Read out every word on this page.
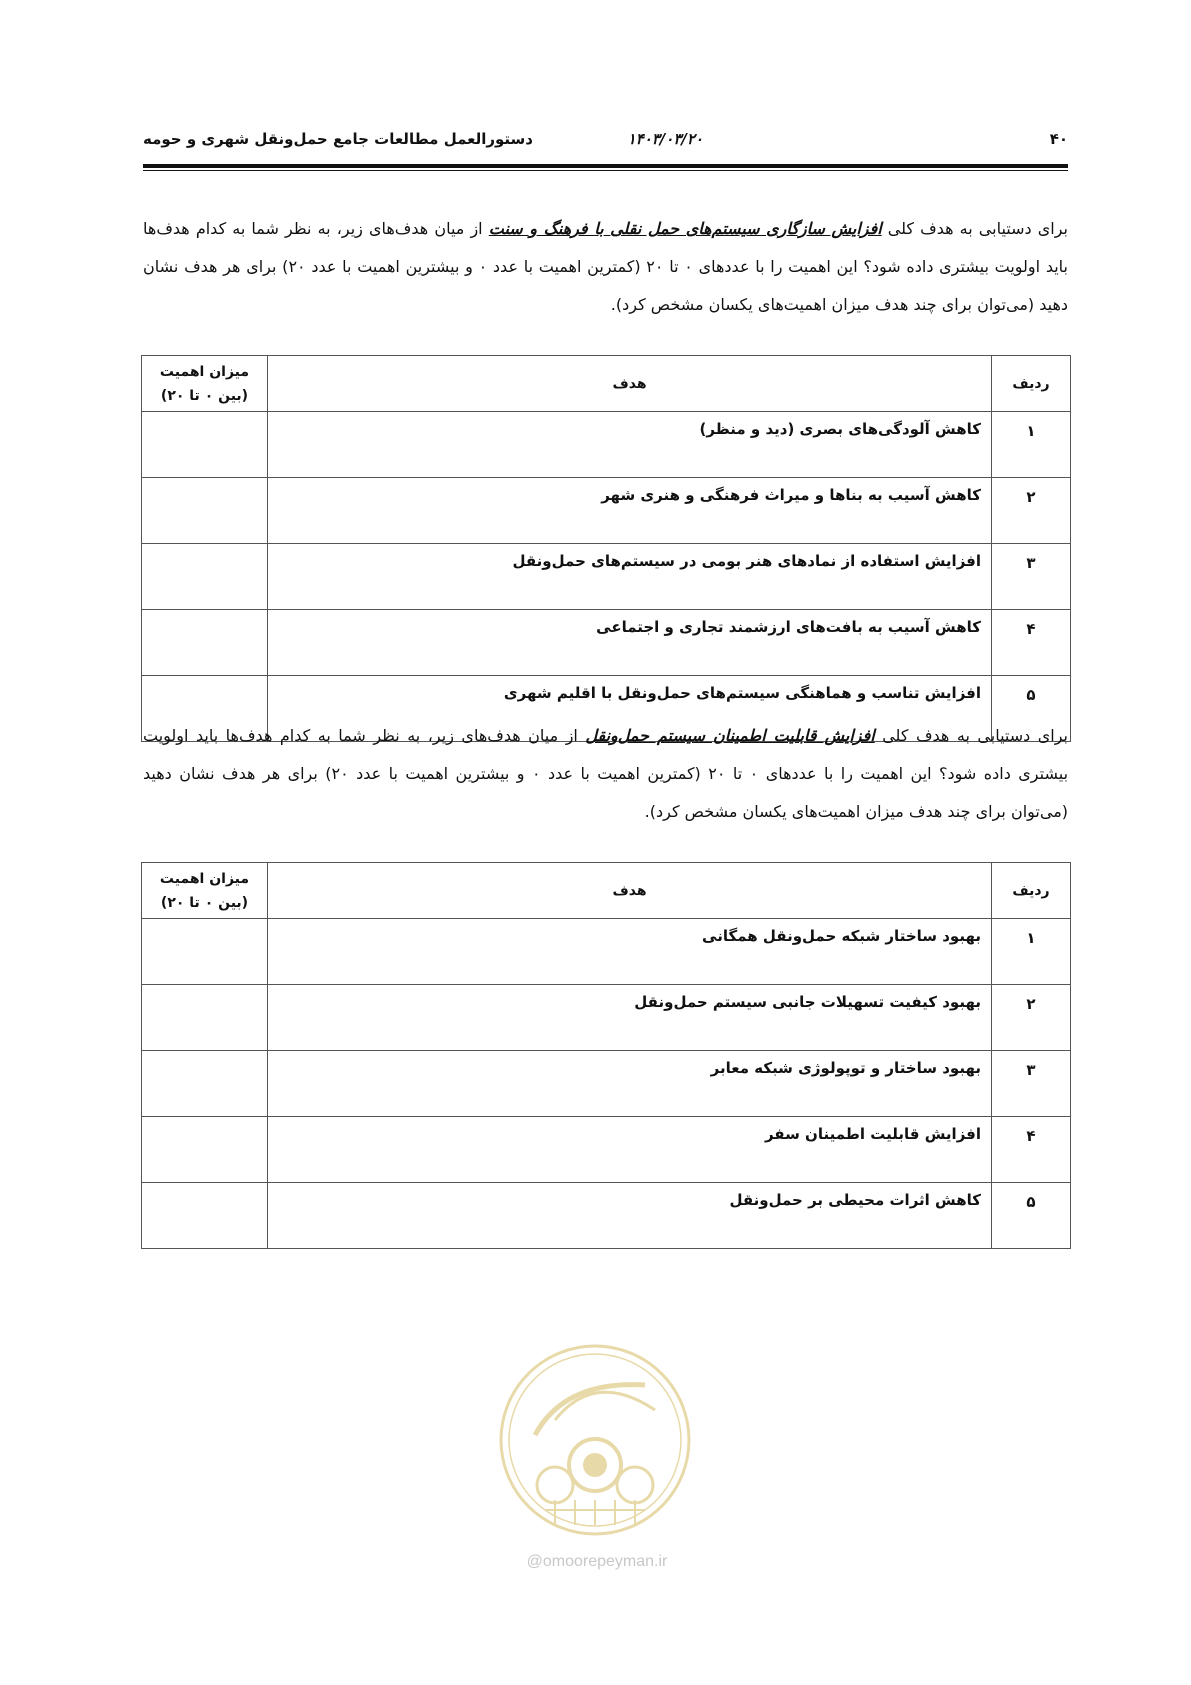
۴۰
۱۴۰۳/۰۳/۲۰
دستورالعمل مطالعات جامع حمل‌ونقل شهری و حومه
برای دستیابی به هدف کلی افزایش سازگاری سیستم‌های حمل نقلی با فرهنگ و سنت از میان هدف‌های زیر، به نظر شما به کدام هدف‌ها باید اولویت بیشتری داده شود؟ این اهمیت را با عددهای ۰ تا ۲۰ (کمترین اهمیت با عدد ۰ و بیشترین اهمیت با عدد ۲۰) برای هر هدف نشان دهید (می‌توان برای چند هدف میزان اهمیت‌های یکسان مشخص کرد).
ردیف	هدف	میزان اهمیت
(بین ۰ تا ۲۰)

۱	کاهش آلودگی‌های بصری (دید و منظر)	
۲	کاهش آسیب به بناها و میراث فرهنگی و هنری شهر	
۳	افزایش استفاده از نمادهای هنر بومی در سیستم‌های حمل‌ونقل	
۴	کاهش آسیب به بافت‌های ارزشمند تجاری و اجتماعی	
۵	افزایش تناسب و هماهنگی سیستم‌های حمل‌ونقل با اقلیم شهری	
برای دستیابی به هدف کلی افزایش قابلیت اطمینان سیستم حمل‌ونقل از میان هدف‌های زیر، به نظر شما به کدام هدف‌ها باید اولویت بیشتری داده شود؟ این اهمیت را با عددهای ۰ تا ۲۰ (کمترین اهمیت با عدد ۰ و بیشترین اهمیت با عدد ۲۰) برای هر هدف نشان دهید (می‌توان برای چند هدف میزان اهمیت‌های یکسان مشخص کرد).
ردیف	هدف	میزان اهمیت
(بین ۰ تا ۲۰)

۱	بهبود ساختار شبکه حمل‌ونقل همگانی	
۲	بهبود کیفیت تسهیلات جانبی سیستم حمل‌ونقل	
۳	بهبود ساختار و توپولوژی شبکه معابر	
۴	افزایش قابلیت اطمینان سفر	
۵	کاهش اثرات محیطی بر حمل‌ونقل	
@omoorepeyman.ir
